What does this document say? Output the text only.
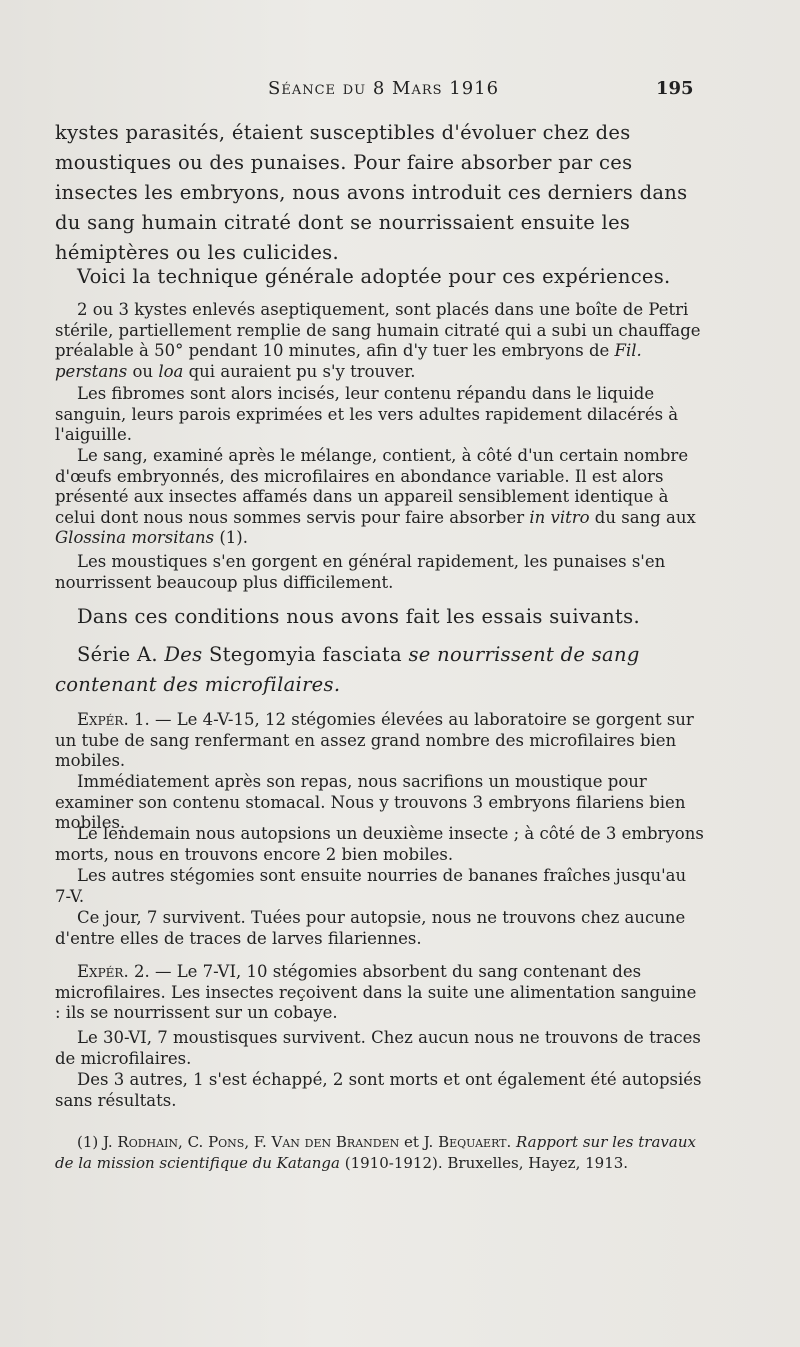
Séance du 8 Mars 1916	195

kystes parasités, étaient susceptibles d'évoluer chez des moustiques ou des punaises. Pour faire absorber par ces insectes les embryons, nous avons introduit ces derniers dans du sang humain citraté dont se nourrissaient ensuite les hémiptères ou les culicides.

Voici la technique générale adoptée pour ces expériences.

2 ou 3 kystes enlevés aseptiquement, sont placés dans une boîte de Petri stérile, partiellement remplie de sang humain citraté qui a subi un chauffage préalable à 50° pendant 10 minutes, afin d'y tuer les embryons de Fil. perstans ou loa qui auraient pu s'y trouver.

Les fibromes sont alors incisés, leur contenu répandu dans le liquide sanguin, leurs parois exprimées et les vers adultes rapidement dilacérés à l'aiguille.

Le sang, examiné après le mélange, contient, à côté d'un certain nombre d'œufs embryonnés, des microfilaires en abondance variable. Il est alors présenté aux insectes affamés dans un appareil sensiblement identique à celui dont nous nous sommes servis pour faire absorber in vitro du sang aux Glossina morsitans (1).

Les moustiques s'en gorgent en général rapidement, les punaises s'en nourrissent beaucoup plus difficilement.

Dans ces conditions nous avons fait les essais suivants.

Série A. Des Stegomyia fasciata se nourrissent de sang contenant des microfilaires.

Expér. 1. — Le 4-V-15, 12 stégomies élevées au laboratoire se gorgent sur un tube de sang renfermant en assez grand nombre des microfilaires bien mobiles.

Immédiatement après son repas, nous sacrifions un moustique pour examiner son contenu stomacal. Nous y trouvons 3 embryons filariens bien mobiles.

Le lendemain nous autopsions un deuxième insecte ; à côté de 3 embryons morts, nous en trouvons encore 2 bien mobiles.

Les autres stégomies sont ensuite nourries de bananes fraîches jusqu'au 7-V.

Ce jour, 7 survivent. Tuées pour autopsie, nous ne trouvons chez aucune d'entre elles de traces de larves filariennes.

Expér. 2. — Le 7-VI, 10 stégomies absorbent du sang contenant des microfilaires. Les insectes reçoivent dans la suite une alimentation sanguine : ils se nourrissent sur un cobaye.

Le 30-VI, 7 moustisques survivent. Chez aucun nous ne trouvons de traces de microfilaires.

Des 3 autres, 1 s'est échappé, 2 sont morts et ont également été autopsiés sans résultats.

(1) J. Rodhain, C. Pons, F. Van den Branden et J. Bequaert. Rapport sur les travaux de la mission scientifique du Katanga (1910-1912). Bruxelles, Hayez, 1913.
